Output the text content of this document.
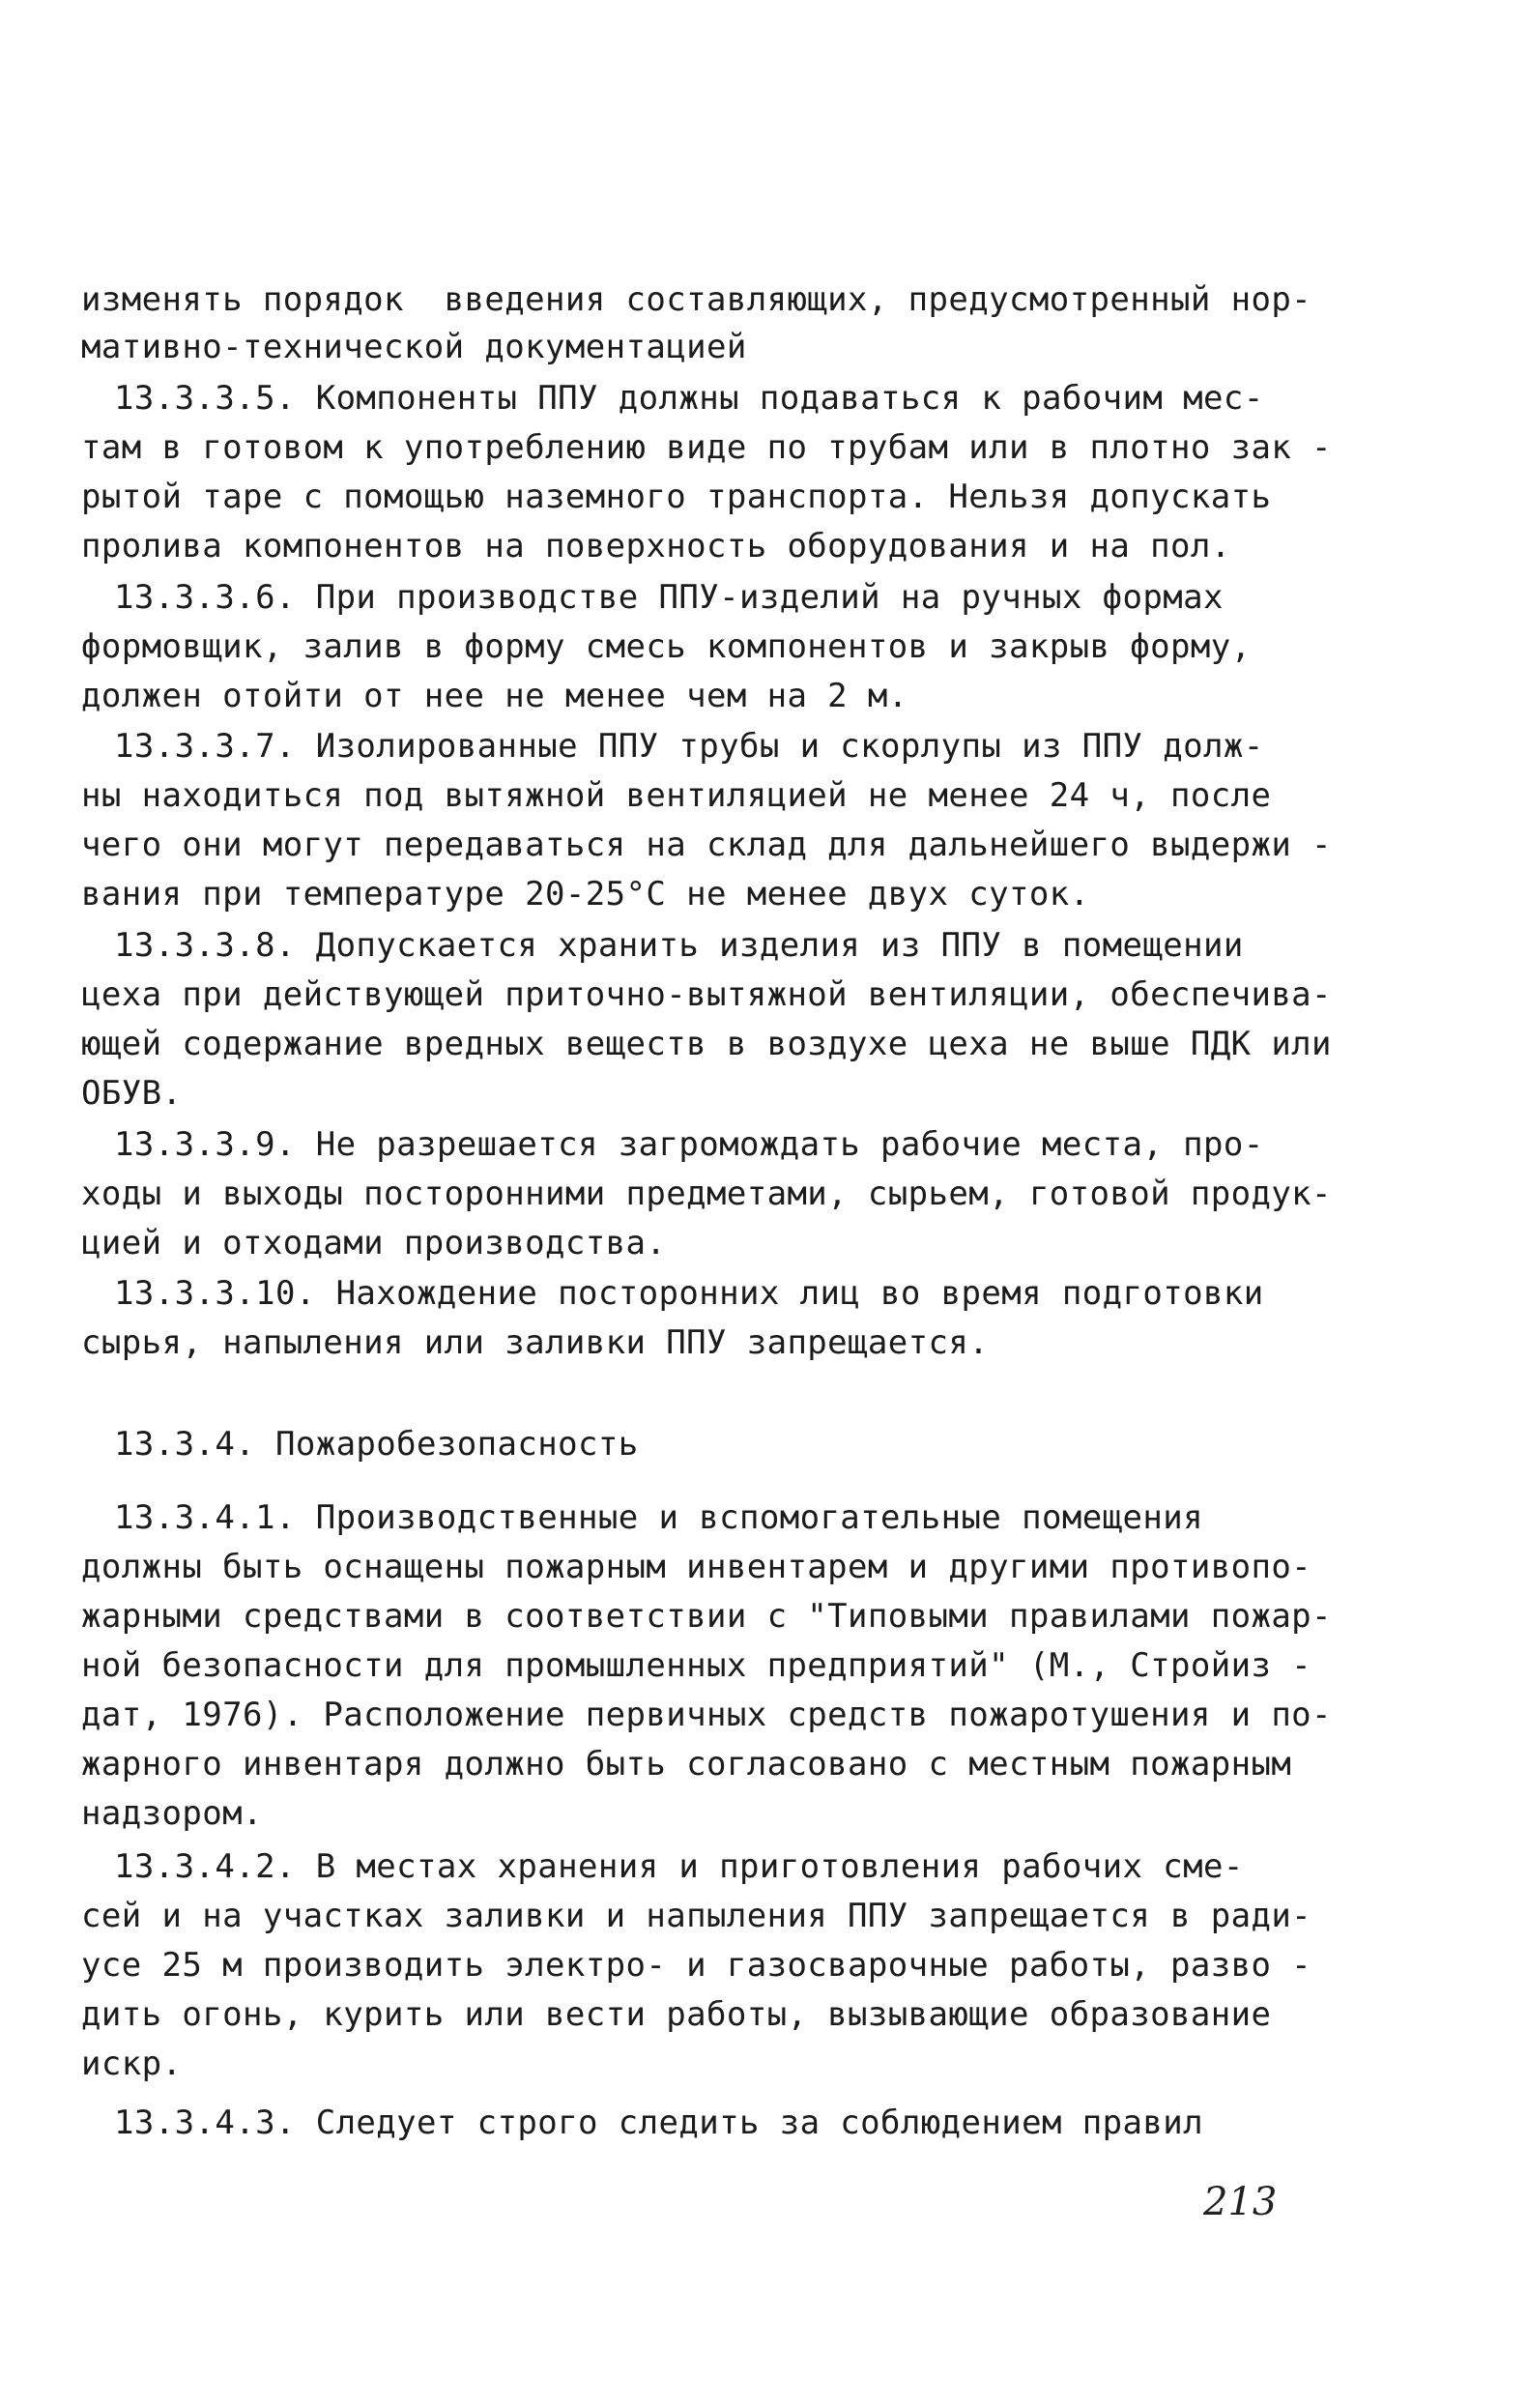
изменять порядок  введения составляющих, предусмотренный нор-
мативно-технической документацией
13.3.3.5. Компоненты ППУ должны подаваться к рабочим мес-
там в готовом к употреблению виде по трубам или в плотно зак -
рытой таре с помощью наземного транспорта. Нельзя допускать
пролива компонентов на поверхность оборудования и на пол.
13.3.3.6. При производстве ППУ-изделий на ручных формах
формовщик, залив в форму смесь компонентов и закрыв форму,
должен отойти от нее не менее чем на 2 м.
13.3.3.7. Изолированные ППУ трубы и скорлупы из ППУ долж-
ны находиться под вытяжной вентиляцией не менее 24 ч, после
чего они могут передаваться на склад для дальнейшего выдержи -
вания при температуре 20-25°С не менее двух суток.
13.3.3.8. Допускается хранить изделия из ППУ в помещении
цеха при действующей приточно-вытяжной вентиляции, обеспечива-
ющей содержание вредных веществ в воздухе цеха не выше ПДК или
ОБУВ.
13.3.3.9. Не разрешается загромождать рабочие места, про-
ходы и выходы посторонними предметами, сырьем, готовой продук-
цией и отходами производства.
13.3.3.10. Нахождение посторонних лиц во время подготовки
сырья, напыления или заливки ППУ запрещается.
13.3.4. Пожаробезопасность
13.3.4.1. Производственные и вспомогательные помещения
должны быть оснащены пожарным инвентарем и другими противопо-
жарными средствами в соответствии с "Типовыми правилами пожар-
ной безопасности для промышленных предприятий" (М., Стройиз -
дат, 1976). Расположение первичных средств пожаротушения и по-
жарного инвентаря должно быть согласовано с местным пожарным
надзором.
13.3.4.2. В местах хранения и приготовления рабочих сме-
сей и на участках заливки и напыления ППУ запрещается в ради-
усе 25 м производить электро- и газосварочные работы, разво -
дить огонь, курить или вести работы, вызывающие образование
искр.
13.3.4.3. Следует строго следить за соблюдением правил
213
